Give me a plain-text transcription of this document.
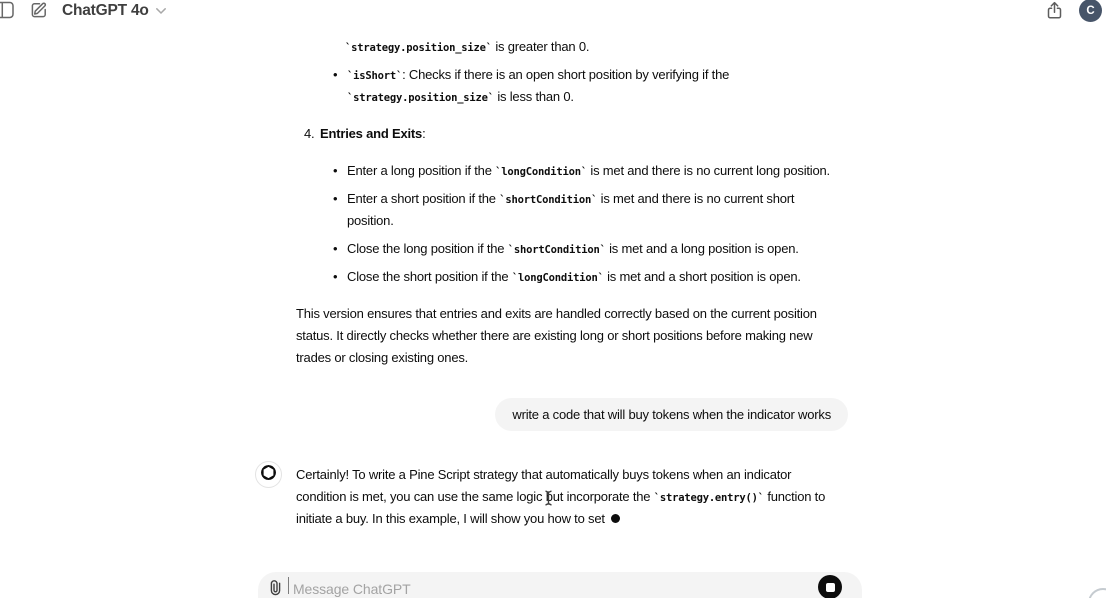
ChatGPT 4o	C
`strategy.position_size` is greater than 0.
• `isShort`: Checks if there is an open short position by verifying if the
`strategy.position_size` is less than 0.
4. Entries and Exits:
• Enter a long position if the `longCondition` is met and there is no current long position.
• Enter a short position if the `shortCondition` is met and there is no current short
position.
• Close the long position if the `shortCondition` is met and a long position is open.
• Close the short position if the `longCondition` is met and a short position is open.
This version ensures that entries and exits are handled correctly based on the current position
status. It directly checks whether there are existing long or short positions before making new
trades or closing existing ones.
write a code that will buy tokens when the indicator works
Certainly! To write a Pine Script strategy that automatically buys tokens when an indicator
condition is met, you can use the same logic but incorporate the `strategy.entry()` function to
initiate a buy. In this example, I will show you how to set
Message ChatGPT
